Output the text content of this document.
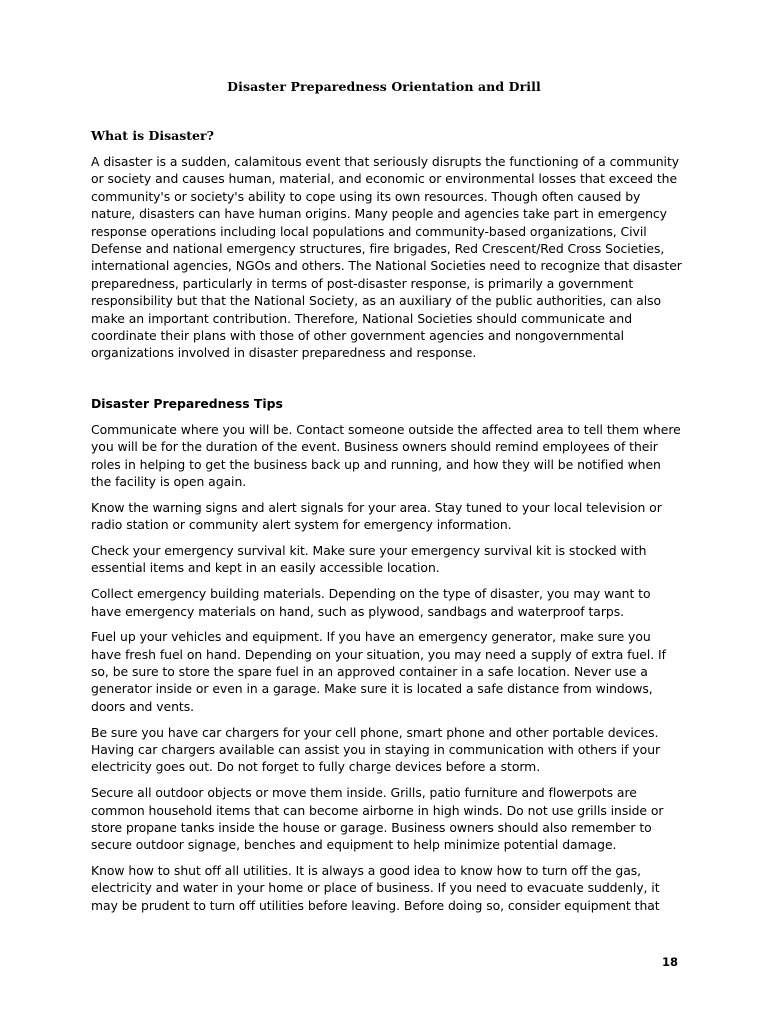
Disaster Preparedness Orientation and Drill
What is Disaster?

A disaster is a sudden, calamitous event that seriously disrupts the functioning of a community or society and causes human, material, and economic or environmental losses that exceed the community's or society's ability to cope using its own resources. Though often caused by nature, disasters can have human origins. Many people and agencies take part in emergency response operations including local populations and community-based organizations, Civil Defense and national emergency structures, fire brigades, Red Crescent/Red Cross Societies, international agencies, NGOs and others. The National Societies need to recognize that disaster preparedness, particularly in terms of post-disaster response, is primarily a government responsibility but that the National Society, as an auxiliary of the public authorities, can also make an important contribution. Therefore, National Societies should communicate and coordinate their plans with those of other government agencies and nongovernmental organizations involved in disaster preparedness and response.

Disaster Preparedness Tips

Communicate where you will be. Contact someone outside the affected area to tell them where you will be for the duration of the event. Business owners should remind employees of their roles in helping to get the business back up and running, and how they will be notified when the facility is open again.

Know the warning signs and alert signals for your area. Stay tuned to your local television or radio station or community alert system for emergency information.

Check your emergency survival kit. Make sure your emergency survival kit is stocked with essential items and kept in an easily accessible location.

Collect emergency building materials. Depending on the type of disaster, you may want to have emergency materials on hand, such as plywood, sandbags and waterproof tarps.

Fuel up your vehicles and equipment. If you have an emergency generator, make sure you have fresh fuel on hand. Depending on your situation, you may need a supply of extra fuel. If so, be sure to store the spare fuel in an approved container in a safe location. Never use a generator inside or even in a garage. Make sure it is located a safe distance from windows, doors and vents.

Be sure you have car chargers for your cell phone, smart phone and other portable devices. Having car chargers available can assist you in staying in communication with others if your electricity goes out. Do not forget to fully charge devices before a storm.

Secure all outdoor objects or move them inside. Grills, patio furniture and flowerpots are common household items that can become airborne in high winds. Do not use grills inside or store propane tanks inside the house or garage. Business owners should also remember to secure outdoor signage, benches and equipment to help minimize potential damage.

Know how to shut off all utilities. It is always a good idea to know how to turn off the gas, electricity and water in your home or place of business. If you need to evacuate suddenly, it may be prudent to turn off utilities before leaving. Before doing so, consider equipment that

18
